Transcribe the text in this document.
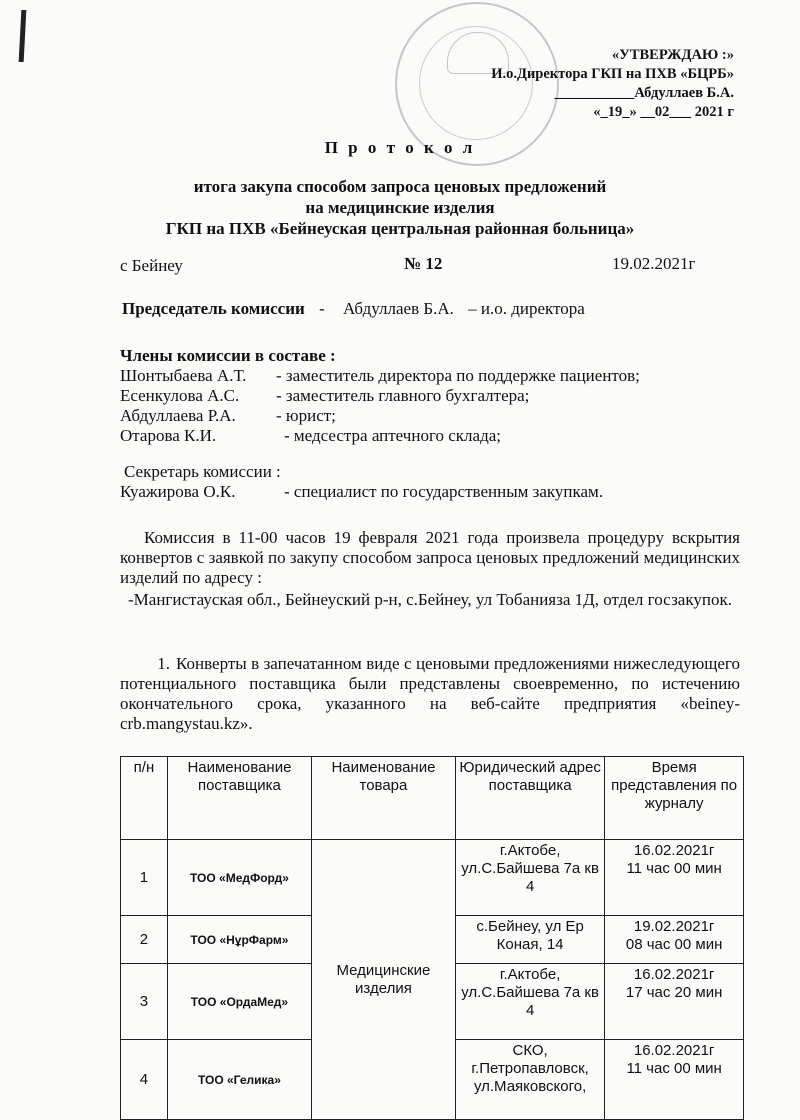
«УТВЕРЖДАЮ :»
И.о.Директора ГКП на ПХВ «БЦРБ»
___________Абдуллаев Б.А.
«_19_» __02___ 2021 г
П р о т о к о л
итога закупа способом запроса ценовых предложений
на медицинские изделия
ГКП на ПХВ «Бейнеуская центральная районная больница»
с Бейнеу	№ 12	19.02.2021г
Председатель комиссии - Абдуллаев Б.А. – и.о. директора
Члены комиссии в составе :
Шонтыбаева А.Т. - заместитель директора по поддержке пациентов;
Есенкулова А.С. - заместитель главного бухгалтера;
Абдуллаева Р.А. - юрист;
Отарова К.И.	- медсестра аптечного склада;
Секретарь комиссии :
Куажирова О.К.	- специалист по государственным закупкам.
Комиссия в 11-00 часов 19 февраля 2021 года произвела процедуру вскрытия конвертов с заявкой по закупу способом запроса ценовых предложений медицинских изделий по адресу :
-Мангистауская обл., Бейнеуский р-н, с.Бейнеу, ул Тобанияза 1Д, отдел госзакупок.
1. Конверты в запечатанном виде с ценовыми предложениями нижеследующего потенциального поставщика были представлены своевременно, по истечению окончательного срока, указанного на веб-сайте предприятия «beiney-crb.mangystau.kz».
п/н	Наименование поставщика	Наименование товара	Юридический адрес поставщика	Время представления по журналу
1	ТОО «МедФорд»	Медицинские изделия	г.Актобе, ул.С.Байшева 7а кв 4	16.02.2021г
11 час 00 мин

2	ТОО «НұрФарм»		с.Бейнеу, ул Ер Коная, 14	19.02.2021г
08 час 00 мин

3	ТОО «ОрдаМед»		г.Актобе, ул.С.Байшева 7а кв 4	16.02.2021г
17 час 20 мин

4	ТОО «Гелика»		СКО, г.Петропавловск, ул.Маяковского,	16.02.2021г
11 час 00 мин
